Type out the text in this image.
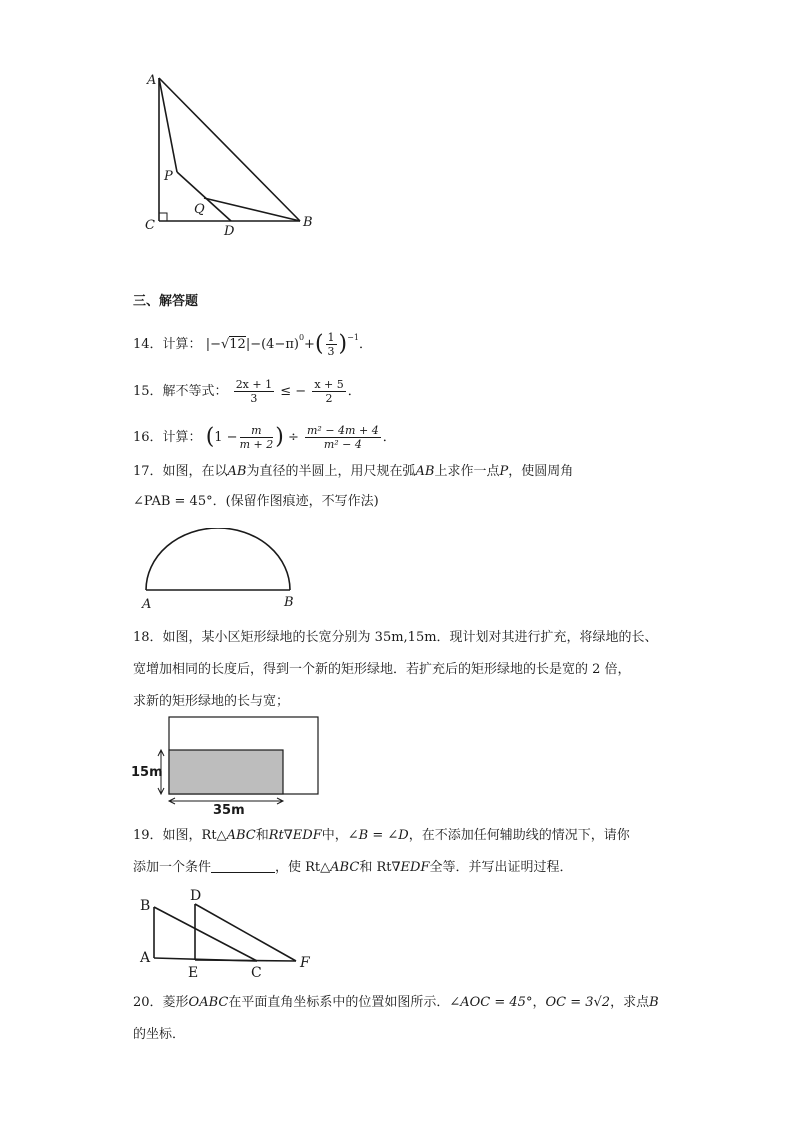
A
P
Q
C	D
B
三、解答题
14．计算： $|-√12|-(4-\pi)^0+( \frac{1}{3} )^{-1}$．
15．解不等式： $\frac{2x + 1}{3}$ ≤ − $\frac{x + 5}{2}$ ．
16．计算： ($1 - \frac{m}{m + 2}$ ) ÷ $\frac{\text{m² − 4m + 4}}{\text{m² − 4}}$ ．
17．如图，在以AB为直径的半圆上，用尺规在弧AB上求作一点P，使圆周角
∠PAB = 45°．(保留作图痕迹，不写作法)
A	B
18．如图，某小区矩形绿地的长宽分别为 35m,15m．现计划对其进行扩充，将绿地的长、
宽增加相同的长度后，得到一个新的矩形绿地．若扩充后的矩形绿地的长是宽的 2 倍，
求新的矩形绿地的长与宽；
15m
35m
19．如图，Rt△ABC和Rt∇EDF中，∠B = ∠D，在不添加任何辅助线的情况下，请你
添加一个条件	，使 Rt△ABC和 Rt∇EDF全等．并写出证明过程．
B
D
A
E	C
F
20．菱形OABC在平面直角坐标系中的位置如图所示．∠AOC = 45°，OC = 3√2，求点B
的坐标．
